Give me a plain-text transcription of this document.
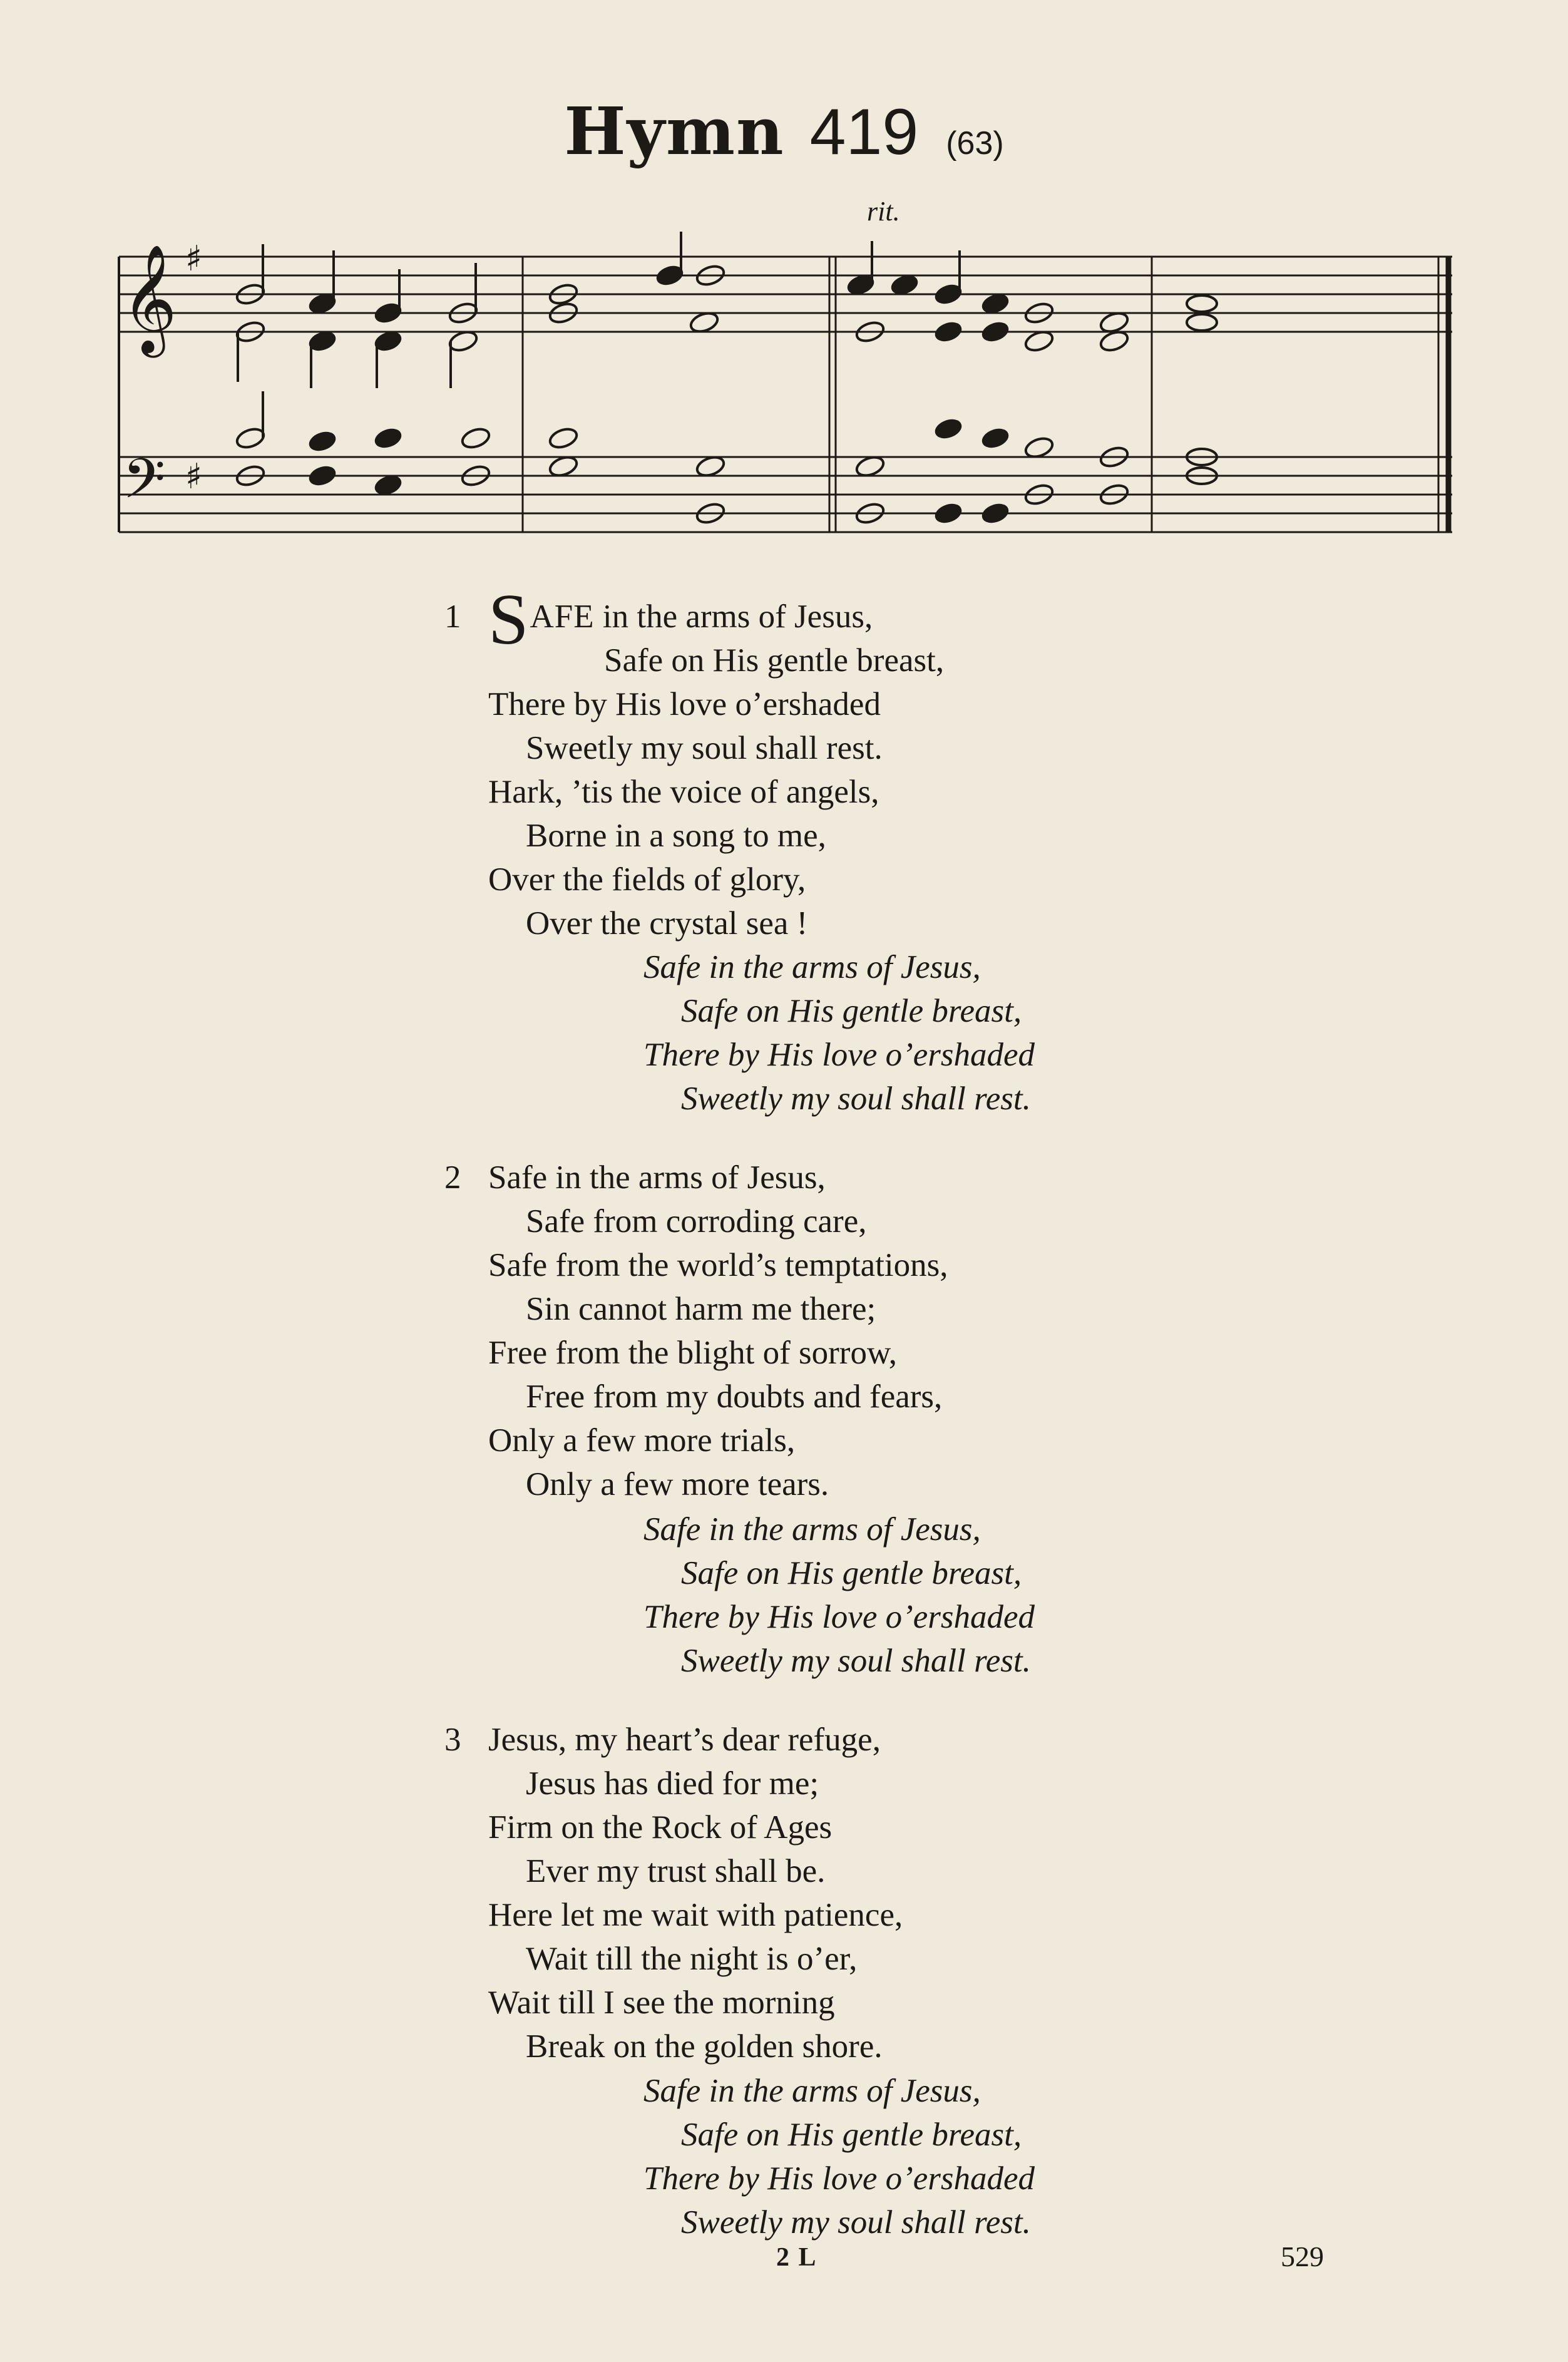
Hymn 419 (63)
rit.
𝄞
𝄢
♯
♯
1 SAFE in the arms of Jesus,
Safe on His gentle breast,
There by His love o’ershaded
Sweetly my soul shall rest.
Hark, ’tis the voice of angels,
Borne in a song to me,
Over the fields of glory,
Over the crystal sea !
Safe in the arms of Jesus,
Safe on His gentle breast,
There by His love o’ershaded
Sweetly my soul shall rest.
2 Safe in the arms of Jesus,
Safe from corroding care,
Safe from the world’s temptations,
Sin cannot harm me there;
Free from the blight of sorrow,
Free from my doubts and fears,
Only a few more trials,
Only a few more tears.
Safe in the arms of Jesus,
Safe on His gentle breast,
There by His love o’ershaded
Sweetly my soul shall rest.
3 Jesus, my heart’s dear refuge,
Jesus has died for me;
Firm on the Rock of Ages
Ever my trust shall be.
Here let me wait with patience,
Wait till the night is o’er,
Wait till I see the morning
Break on the golden shore.
Safe in the arms of Jesus,
Safe on His gentle breast,
There by His love o’ershaded
Sweetly my soul shall rest.
2 L	529
